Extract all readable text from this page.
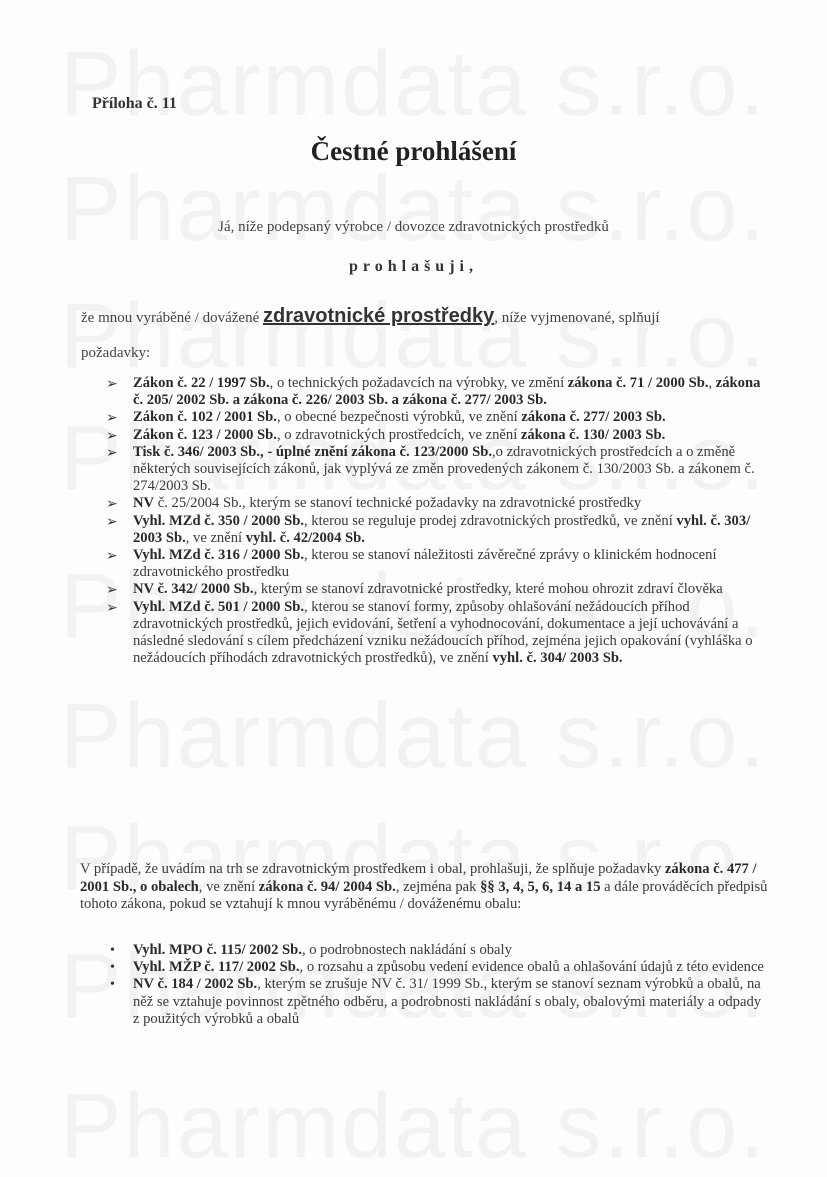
Příloha č. 11
Čestné prohlášení
Já, níže podepsaný výrobce / dovozce zdravotnických prostředků
prohlašuji,
že mnou vyráběné / dovážené zdravotnické prostředky, níže vyjmenované, splňují
požadavky:
➢ Zákon č. 22 / 1997 Sb., o technických požadavcích na výrobky, ve změní zákona č. 71 / 2000 Sb., zákona č. 205/ 2002 Sb. a zákona č. 226/ 2003 Sb. a zákona č. 277/ 2003 Sb.
➢ Zákon č. 102 / 2001 Sb., o obecné bezpečnosti výrobků, ve znění zákona č. 277/ 2003 Sb.
➢ Zákon č. 123 / 2000 Sb., o zdravotnických prostředcích, ve znění zákona č. 130/ 2003 Sb.
➢ Tisk č. 346/ 2003 Sb., - úplné znění zákona č. 123/2000 Sb.,o zdravotnických prostředcích a o změně některých souvisejících zákonů, jak vyplývá ze změn provedených zákonem č. 130/2003 Sb. a zákonem č. 274/2003 Sb.
➢ NV č. 25/2004 Sb., kterým se stanoví technické požadavky na zdravotnické prostředky
➢ Vyhl. MZd č. 350 / 2000 Sb., kterou se reguluje prodej zdravotnických prostředků, ve znění vyhl. č. 303/ 2003 Sb., ve znění vyhl. č. 42/2004 Sb.
➢ Vyhl. MZd č. 316 / 2000 Sb., kterou se stanoví náležitosti závěrečné zprávy o klinickém hodnocení zdravotnického prostředku
➢ NV č. 342/ 2000 Sb., kterým se stanoví zdravotnické prostředky, které mohou ohrozit zdraví člověka
➢ Vyhl. MZd č. 501 / 2000 Sb., kterou se stanoví formy, způsoby ohlašování nežádoucích příhod zdravotnických prostředků, jejich evidování, šetření a vyhodnocování, dokumentace a její uchovávání a následné sledování s cílem předcházení vzniku nežádoucích příhod, zejména jejich opakování (vyhláška o nežádoucích příhodách zdravotnických prostředků), ve znění vyhl. č. 304/ 2003 Sb.
V případě, že uvádím na trh se zdravotnickým prostředkem i obal, prohlašuji, že splňuje požadavky zákona č. 477 / 2001 Sb., o obalech, ve znění zákona č. 94/ 2004 Sb., zejména pak §§ 3, 4, 5, 6, 14 a 15 a dále prováděcích předpisů tohoto zákona, pokud se vztahují k mnou vyráběnému / dováženému obalu:
• Vyhl. MPO č. 115/ 2002 Sb., o podrobnostech nakládání s obaly
• Vyhl. MŽP č. 117/ 2002 Sb., o rozsahu a způsobu vedení evidence obalů a ohlašování údajů z této evidence
• NV č. 184 / 2002 Sb., kterým se zrušuje NV č. 31/ 1999 Sb., kterým se stanoví seznam výrobků a obalů, na něž se vztahuje povinnost zpětného odběru, a podrobnosti nakládání s obaly, obalovými materiály a odpady z použitých výrobků a obalů
